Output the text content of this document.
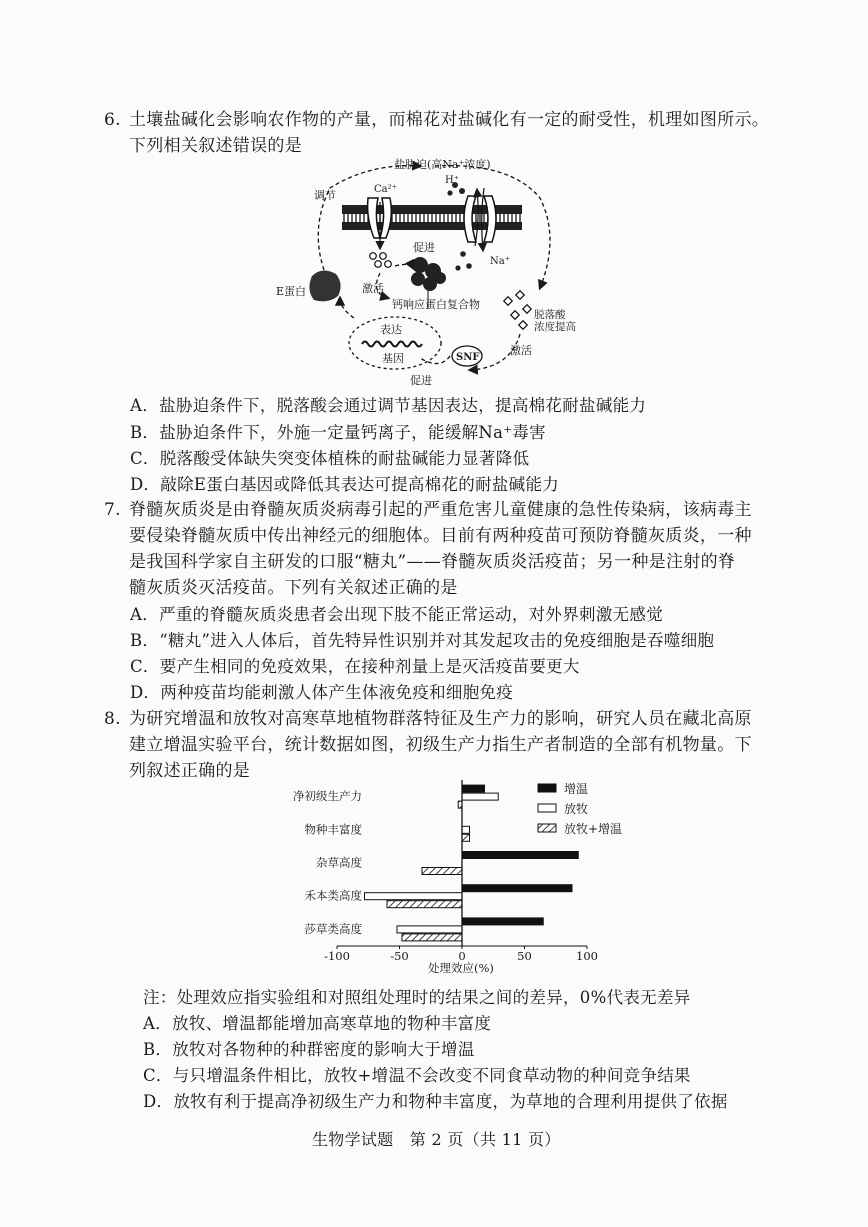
6. 土壤盐碱化会影响农作物的产量，而棉花对盐碱化有一定的耐受性，机理如图所示。
下列相关叙述错误的是
盐胁迫(高Na⁺浓度)
调节	Ca²⁺
H⁺
促进
Na⁺
激活
钙响应蛋白复合物
E蛋白
脱落酸
浓度提高
表达
基因	SNF
激活
促进
A．盐胁迫条件下，脱落酸会通过调节基因表达，提高棉花耐盐碱能力
B．盐胁迫条件下，外施一定量钙离子，能缓解Na⁺毒害
C．脱落酸受体缺失突变体植株的耐盐碱能力显著降低
D．敲除E蛋白基因或降低其表达可提高棉花的耐盐碱能力
7. 脊髓灰质炎是由脊髓灰质炎病毒引起的严重危害儿童健康的急性传染病，该病毒主
要侵染脊髓灰质中传出神经元的细胞体。目前有两种疫苗可预防脊髓灰质炎，一种
是我国科学家自主研发的口服“糖丸”——脊髓灰质炎活疫苗；另一种是注射的脊
髓灰质炎灭活疫苗。下列有关叙述正确的是
A．严重的脊髓灰质炎患者会出现下肢不能正常运动，对外界刺激无感觉
B．“糖丸”进入人体后，首先特异性识别并对其发起攻击的免疫细胞是吞噬细胞
C．要产生相同的免疫效果，在接种剂量上是灭活疫苗要更大
D．两种疫苗均能刺激人体产生体液免疫和细胞免疫
8. 为研究增温和放牧对高寒草地植物群落特征及生产力的影响，研究人员在藏北高原
建立增温实验平台，统计数据如图，初级生产力指生产者制造的全部有机物量。下
列叙述正确的是
净初级生产力
物种丰富度
杂草高度
禾本类高度
莎草类高度
-100	-50	0	50	100
增温
放牧
放牧+增温
处理效应(%)
注：处理效应指实验组和对照组处理时的结果之间的差异，0%代表无差异
A．放牧、增温都能增加高寒草地的物种丰富度
B．放牧对各物种的种群密度的影响大于增温
C．与只增温条件相比，放牧+增温不会改变不同食草动物的种间竞争结果
D．放牧有利于提高净初级生产力和物种丰富度，为草地的合理利用提供了依据
生物学试题　第 2 页（共 11 页）
